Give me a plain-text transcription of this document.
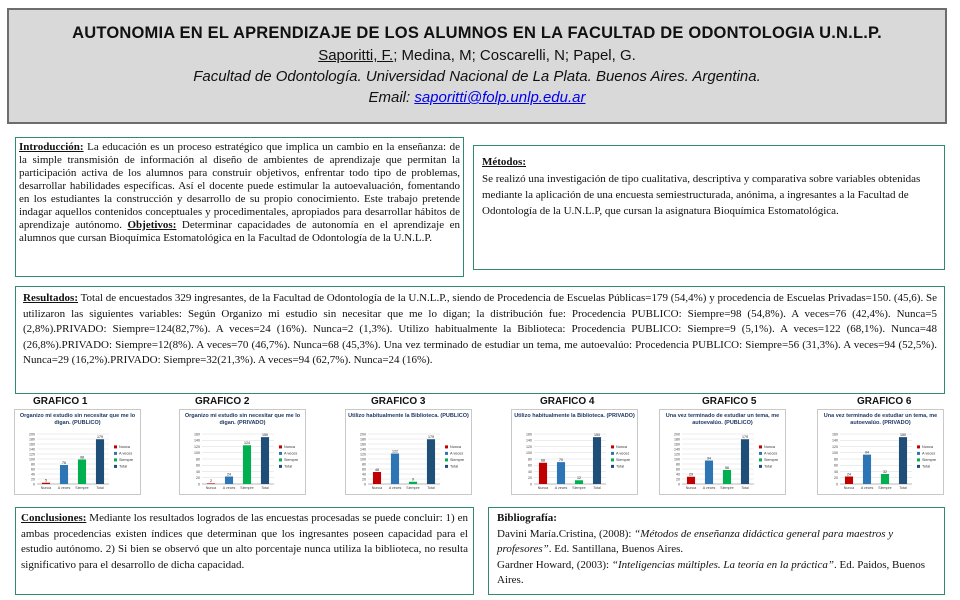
AUTONOMIA EN EL APRENDIZAJE DE LOS ALUMNOS EN LA FACULTAD DE ODONTOLOGIA U.N.L.P.
Saporitti, F.; Medina, M; Coscarelli, N; Papel, G.
Facultad de Odontología. Universidad Nacional de La Plata. Buenos Aires. Argentina.
Email: saporitti@folp.unlp.edu.ar
Introducción: La educación es un proceso estratégico que implica un cambio en la enseñanza: de la simple transmisión de información al diseño de ambientes de aprendizaje que permitan la participación activa de los alumnos para construir objetivos, enfrentar todo tipo de problemas, desarrollar habilidades específicas. Así el docente puede estimular la autoevaluación, fomentando en los estudiantes la construcción y desarrollo de su propio conocimiento. Este trabajo pretende indagar aquellos contenidos conceptuales y procedimentales, apropiados para desarrollar hábitos de aprendizaje autónomo. Objetivos: Determinar capacidades de autonomía en el aprendizaje en alumnos que cursan Bioquímica Estomatológica en la Facultad de Odontología de la U.N.L.P.
Métodos:
Se realizó una investigación de tipo cualitativa, descriptiva y comparativa sobre variables obtenidas mediante la aplicación de una encuesta semiestructurada, anónima, a ingresantes a la Facultad de Odontología de la U.N.L.P, que cursan la asignatura Bioquímica Estomatológica.
Resultados: Total de encuestados 329 ingresantes, de la Facultad de Odontología de la U.N.L.P., siendo de Procedencia de Escuelas Públicas=179 (54,4%) y procedencia de Escuelas Privadas=150. (45,6). Se utilizaron las siguientes variables: Según Organizo mi estudio sin necesitar que me lo digan; la distribución fue: Procedencia PUBLICO: Siempre=98 (54,8%). A veces=76 (42,4%). Nunca=5 (2,8%).PRIVADO: Siempre=124(82,7%). A veces=24 (16%). Nunca=2 (1,3%). Utilizo habitualmente la Biblioteca: Procedencia PUBLICO: Siempre=9 (5,1%). A veces=122 (68,1%). Nunca=48 (26,8%).PRIVADO: Siempre=12(8%). A veces=70 (46,7%). Nunca=68 (45,3%). Una vez terminado de estudiar un tema, me autoevalúo: Procedencia PUBLICO: Siempre=56 (31,3%). A veces=94 (52,5%). Nunca=29 (16,2%).PRIVADO: Siempre=32(21,3%). A veces=94 (62,7%). Nunca=24 (16%).
GRAFICO 1	GRAFICO 2	GRAFICO 3	GRAFICO 4	GRAFICO 5	GRAFICO 6
Organizo mi estudio sin necesitar que me lo digan. (PUBLICO)
0
20
40
60
80
100
120
140
160
180
200
5
Nunca
76
A veces
98
Siempre
179
Total
Nunca
A veces
Siempre
Total
Organizo mi estudio sin necesitar que me lo digan. (PRIVADO)
0
20
40
60
80
100
120
140
160
2
Nunca
24
A veces
124
Siempre
150
Total
Nunca
A veces
Siempre
Total
Utilizo habitualmente la Biblioteca. (PUBLICO)
0
20
40
60
80
100
120
140
160
180
200
48
Nunca
122
A veces
9
Siempre
179
Total
Nunca
A veces
Siempre
Total
Utilizo habitualmente la Biblioteca. (PRIVADO)
0
20
40
60
80
100
120
140
160
68
Nunca
70
A veces
12
Siempre
150
Total
Nunca
A veces
Siempre
Total
Una vez terminado de estudiar un tema, me autoevalúo. (PUBLICO)
0
20
40
60
80
100
120
140
160
180
200
29
Nunca
94
A veces
56
Siempre
179
Total
Nunca
A veces
Siempre
Total
Una vez terminado de estudiar un tema, me autoevalúo. (PRIVADO)
0
20
40
60
80
100
120
140
160
24
Nunca
94
A veces
32
Siempre
150
Total
Nunca
A veces
Siempre
Total
Conclusiones: Mediante los resultados logrados de las encuestas procesadas se puede concluir: 1) en ambas procedencias existen índices que determinan que los ingresantes poseen capacidad para el estudio autónomo. 2) Si bien se observó que un alto porcentaje nunca utiliza la biblioteca, no resulta significativo para el desarrollo de dicha capacidad.
Bibliografía:
Davini María.Cristina, (2008): “Métodos de enseñanza didáctica general para maestros y profesores”. Ed. Santillana, Buenos Aires.
Gardner Howard, (2003): “Inteligencias múltiples. La teoría en la práctica”. Ed. Paidos, Buenos Aires.
